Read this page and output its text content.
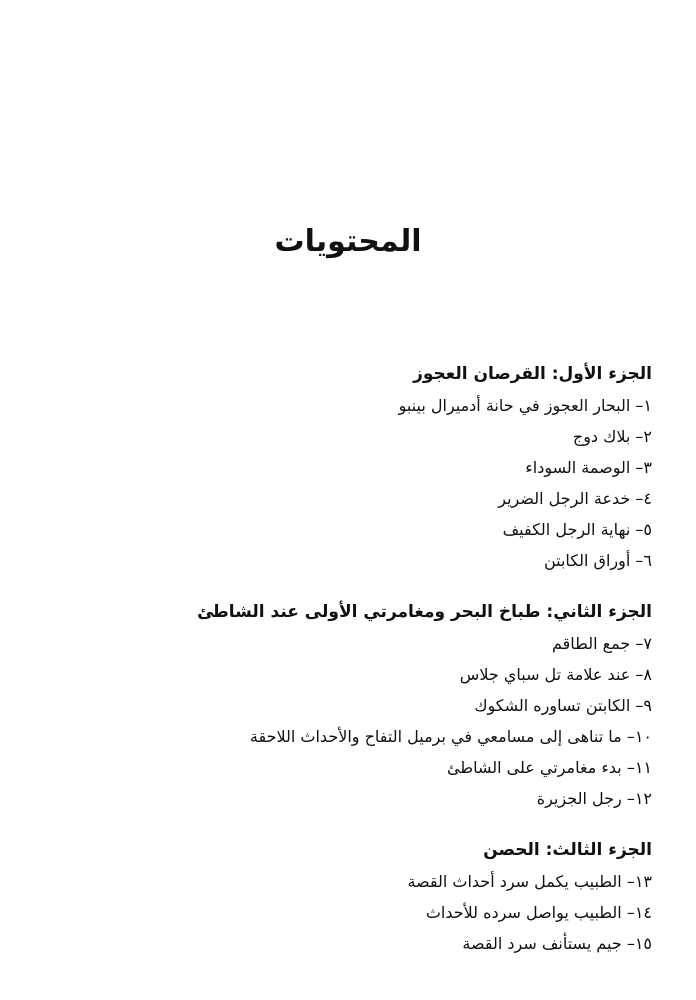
المحتويات
الجزء الأول: القرصان العجوز
١– البحار العجوز في حانة أدميرال بينبو
٢– بلاك دوج
٣– الوصمة السوداء
٤– خدعة الرجل الضرير
٥– نهاية الرجل الكفيف
٦– أوراق الكابتن
الجزء الثاني: طباخ البحر ومغامرتي الأولى عند الشاطئ
٧– جمع الطاقم
٨– عند علامة تل سباي جلاس
٩– الكابتن تساوره الشكوك
١٠– ما تناهى إلى مسامعي في برميل التفاح والأحداث اللاحقة
١١– بدء مغامرتي على الشاطئ
١٢– رجل الجزيرة
الجزء الثالث: الحصن
١٣– الطبيب يكمل سرد أحداث القصة
١٤– الطبيب يواصل سرده للأحداث
١٥– جيم يستأنف سرد القصة
